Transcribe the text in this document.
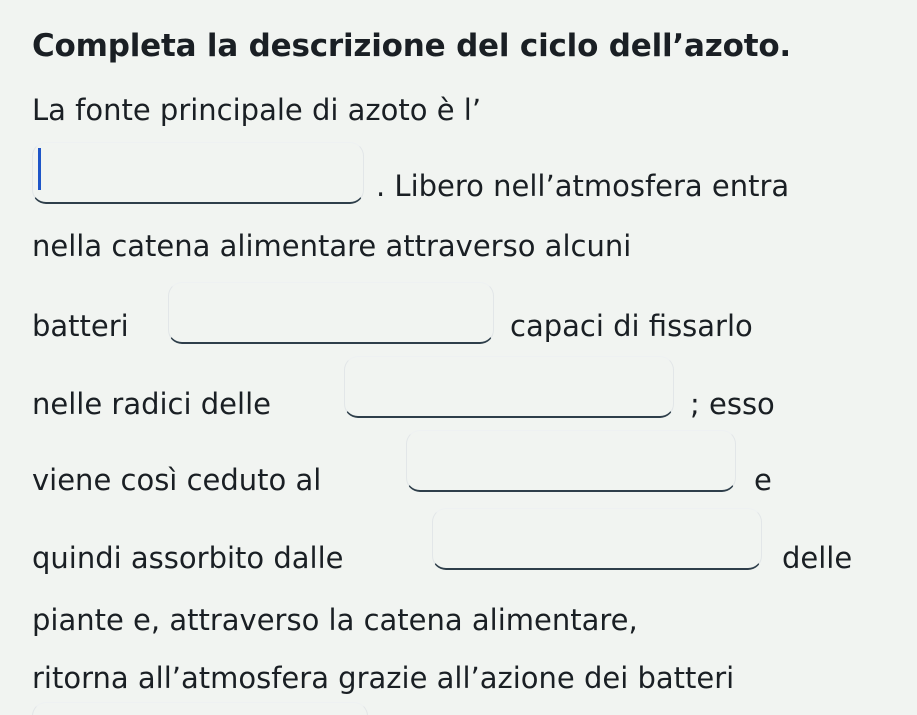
Completa la descrizione del ciclo dell’azoto.
La fonte principale di azoto è l’
. Libero nell’atmosfera entra
nella catena alimentare attraverso alcuni
batteri	capaci di fissarlo
nelle radici delle	; esso
viene così ceduto al	e
quindi assorbito dalle	delle
piante e, attraverso la catena alimentare,
ritorna all’atmosfera grazie all’azione dei batteri
